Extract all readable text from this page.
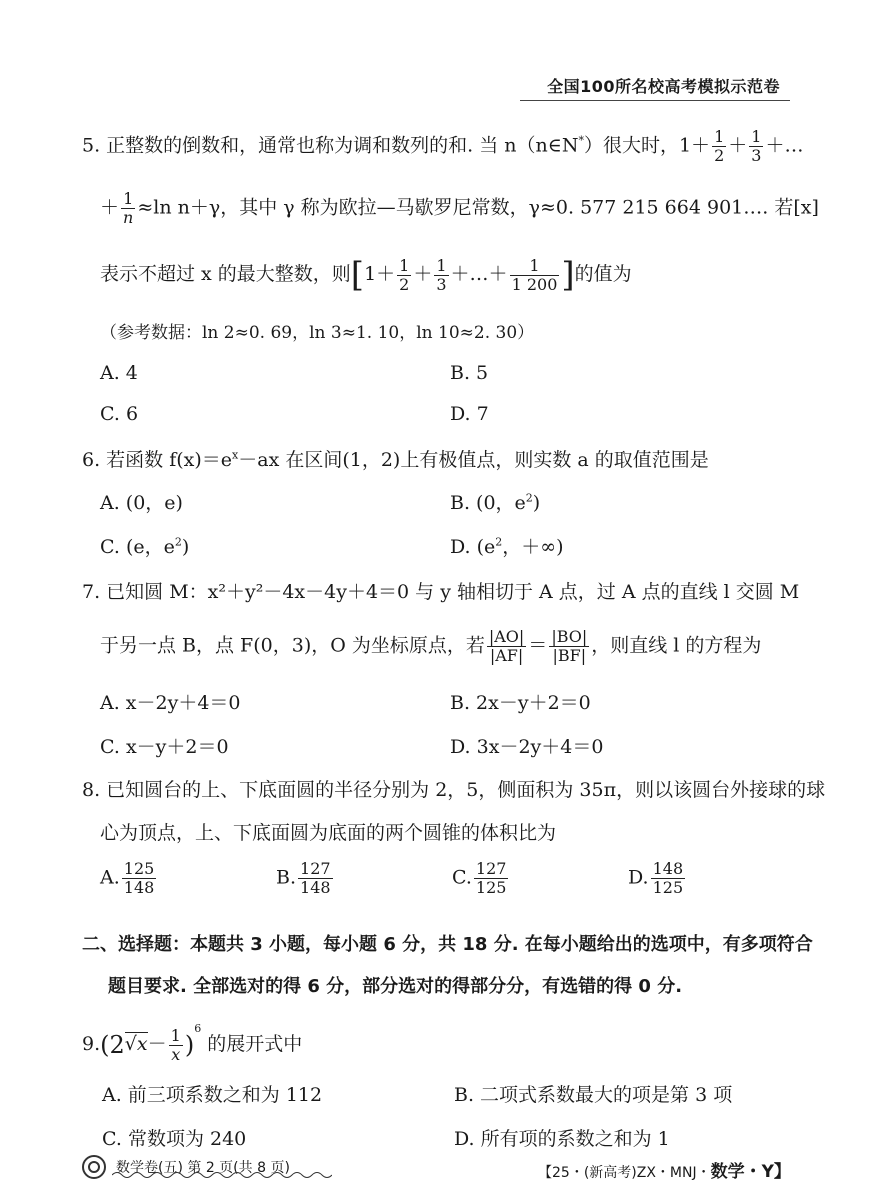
全国100所名校高考模拟示范卷
5. 正整数的倒数和，通常也称为调和数列的和. 当 n（n∈N*）很大时，$1+ \frac{1}{2} + \frac{1}{3}$ ＋…
＋ $\frac{1}{n} \approx\ln$ n＋γ，其中 γ 称为欧拉—马歇罗尼常数，γ≈0. 577 215 664 901…. 若[x]
表示不超过 x 的最大整数，则[$1+ \frac{1}{2} + \frac{1}{3}$ ＋…＋ $\frac{1}{1 200}$ ]的值为
（参考数据：ln 2≈0. 69，ln 3≈1. 10，ln 10≈2. 30）
A. 4	B. 5
C. 6	D. 7
6. 若函数 $f(x)=e^x-ax$ 在区间(1，2)上有极值点，则实数 a 的取值范围是
A. (0，e)	B. (0，$e^2$)
C. (e，$e^2$)	D. ($e^2$，＋∞)
7. 已知圆 M：x²＋y²－4x－4y＋4＝0 与 y 轴相切于 A 点，过 A 点的直线 l 交圆 M
于另一点 B，点 F(0，3)，O 为坐标原点，若 $\frac{|AO|}{|AF|} = \frac{|BO|}{|BF|}$ ，则直线 l 的方程为
A. x－2y＋4＝0	B. 2x－y＋2＝0
C. x－y＋2＝0	D. 3x－2y＋4＝0
8. 已知圆台的上、下底面圆的半径分别为 2，5，侧面积为 35π，则以该圆台外接球的球
心为顶点，上、下底面圆为底面的两个圆锥的体积比为
A. $\frac{125}{148}$	B. $\frac{127}{148}$	C. $\frac{127}{125}$	D. $\frac{148}{125}$
二、选择题：本题共 3 小题，每小题 6 分，共 18 分. 在每小题给出的选项中，有多项符合
题目要求. 全部选对的得 6 分，部分选对的得部分分，有选错的得 0 分.
$9.(2√x- \frac{1}{x} )^6$ 的展开式中
A. 前三项系数之和为 112	B. 二项式系数最大的项是第 3 项
C. 常数项为 240	D. 所有项的系数之和为 1
数学卷(五) 第 2 页(共 8 页)	【25・(新高考)ZX・MNJ・数学・Y】
